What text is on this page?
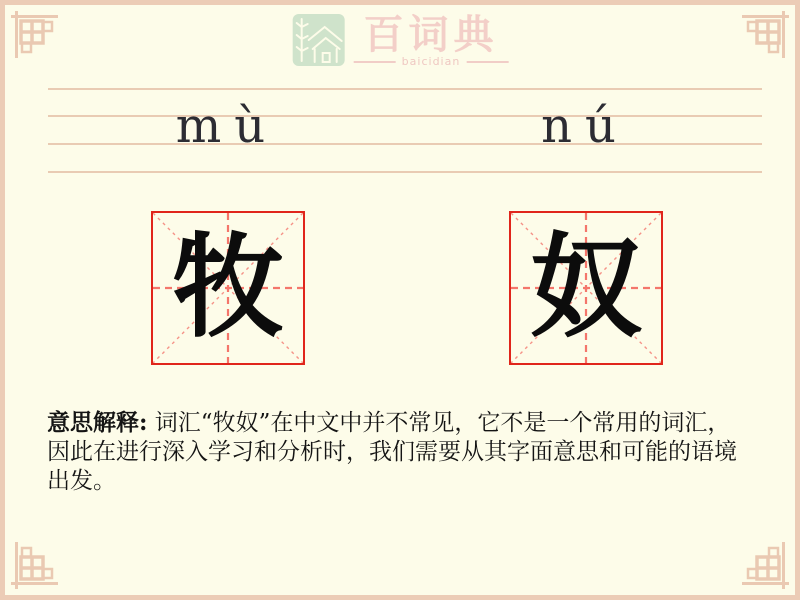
百词典
baicidian
mù	nú
牧 奴
意思解释: 词汇“牧奴”在中文中并不常见，它不是一个常用的词汇，因此在进行深入学习和分析时，我们需要从其字面意思和可能的语境出发。
